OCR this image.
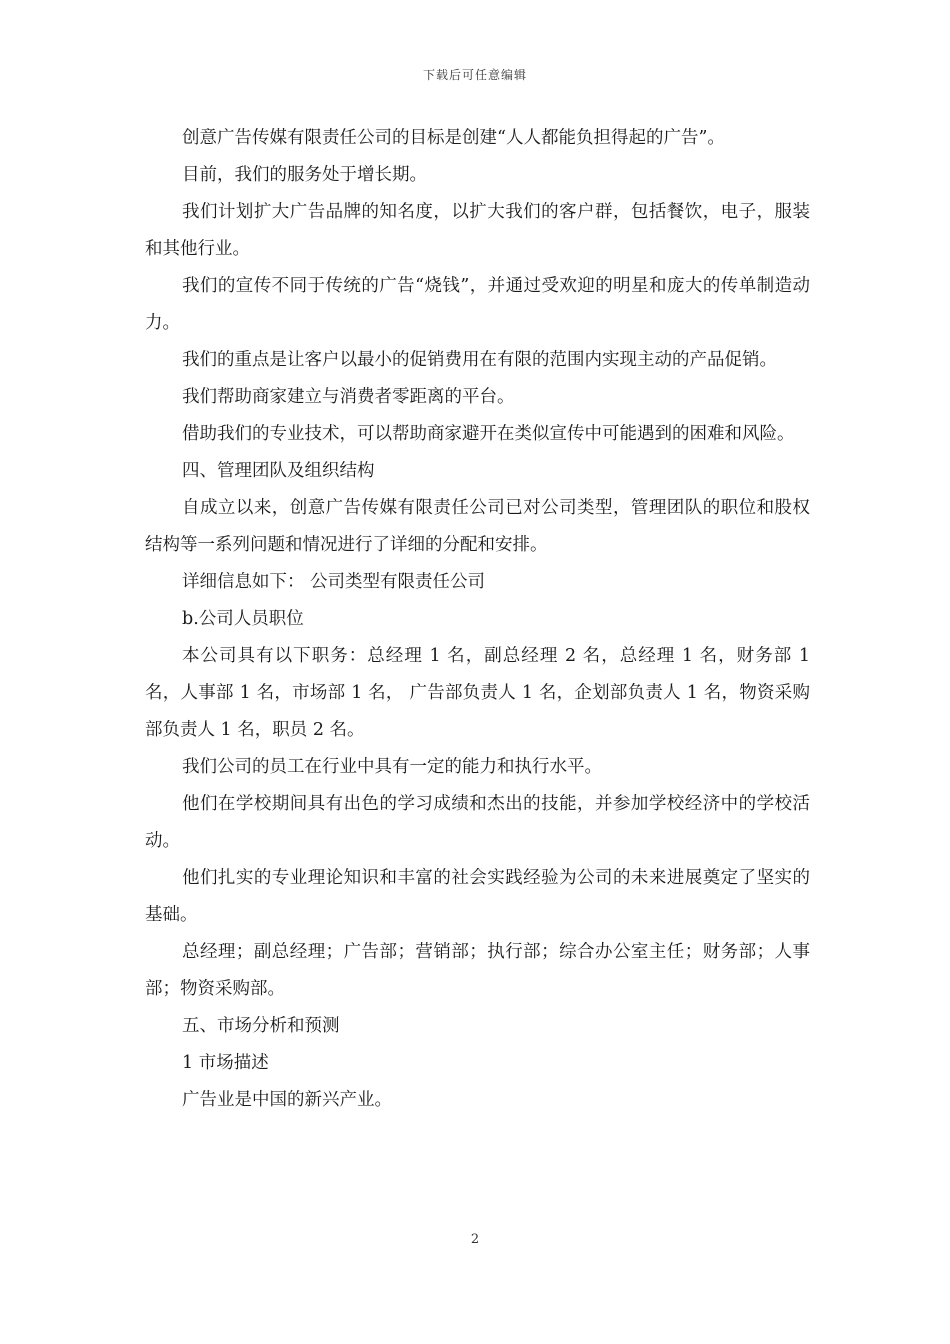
下载后可任意编辑

创意广告传媒有限责任公司的目标是创建“人人都能负担得起的广告”。

目前，我们的服务处于增长期。

我们计划扩大广告品牌的知名度，以扩大我们的客户群，包括餐饮，电子，服装和其他行业。

我们的宣传不同于传统的广告“烧钱”，并通过受欢迎的明星和庞大的传单制造动力。

我们的重点是让客户以最小的促销费用在有限的范围内实现主动的产品促销。

我们帮助商家建立与消费者零距离的平台。

借助我们的专业技术，可以帮助商家避开在类似宣传中可能遇到的困难和风险。

四、管理团队及组织结构

自成立以来，创意广告传媒有限责任公司已对公司类型，管理团队的职位和股权结构等一系列问题和情况进行了详细的分配和安排。

详细信息如下： 公司类型有限责任公司

b.公司人员职位

本公司具有以下职务：总经理 1 名，副总经理 2 名，总经理 1 名，财务部 1 名，人事部 1 名，市场部 1 名， 广告部负责人 1 名，企划部负责人 1 名，物资采购部负责人 1 名，职员 2 名。

我们公司的员工在行业中具有一定的能力和执行水平。

他们在学校期间具有出色的学习成绩和杰出的技能，并参加学校经济中的学校活动。

他们扎实的专业理论知识和丰富的社会实践经验为公司的未来进展奠定了坚实的基础。

总经理；副总经理；广告部；营销部；执行部；综合办公室主任；财务部；人事部；物资采购部。

五、市场分析和预测

1 市场描述

广告业是中国的新兴产业。

2
